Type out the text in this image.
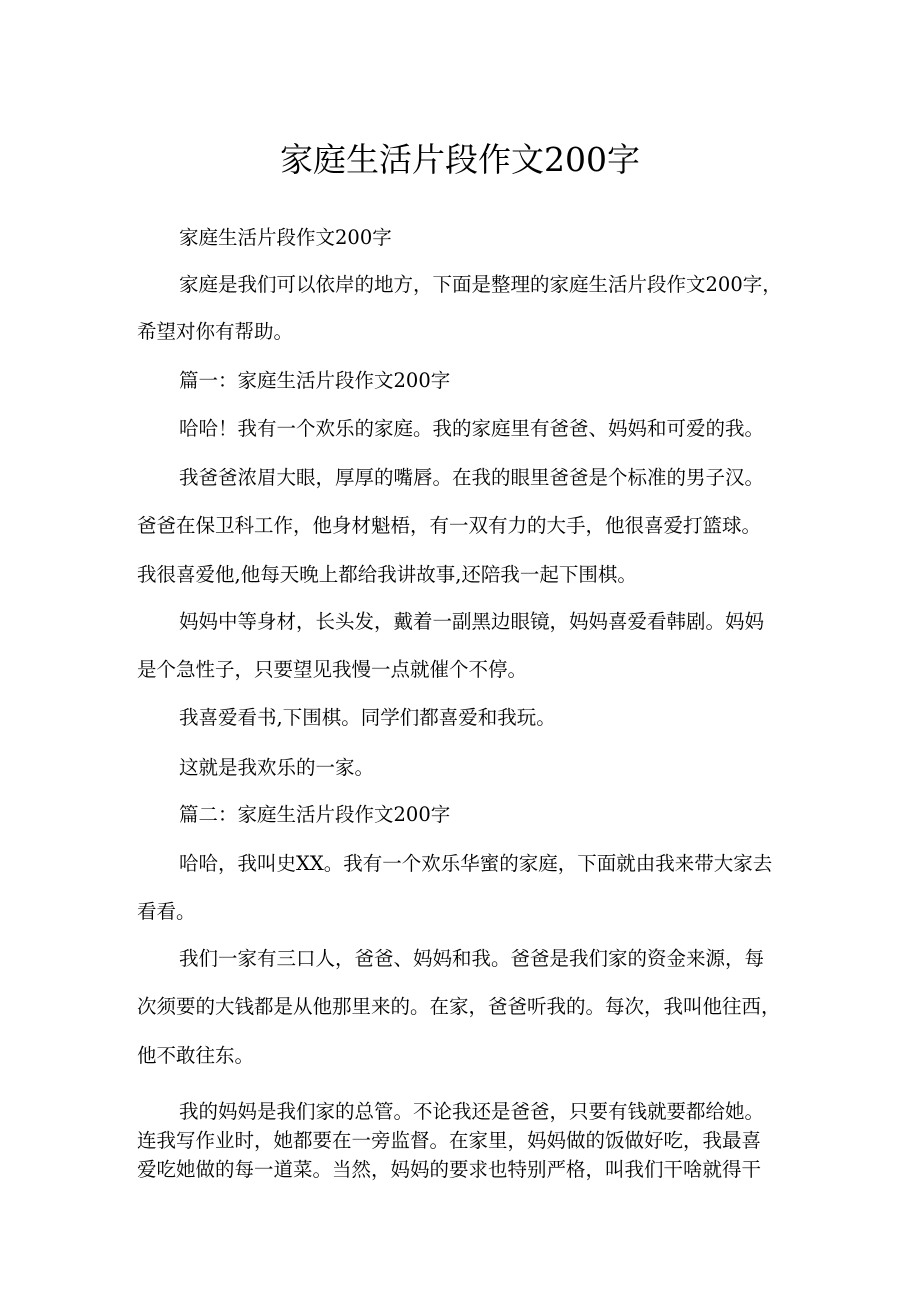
家庭生活片段作文200字
家庭生活片段作文200字
家庭是我们可以依岸的地方，下面是整理的家庭生活片段作文200字，
希望对你有帮助。
篇一：家庭生活片段作文200字
哈哈！我有一个欢乐的家庭。我的家庭里有爸爸、妈妈和可爱的我。
我爸爸浓眉大眼，厚厚的嘴唇。在我的眼里爸爸是个标准的男子汉。
爸爸在保卫科工作，他身材魁梧，有一双有力的大手，他很喜爱打篮球。
我很喜爱他,他每天晚上都给我讲故事,还陪我一起下围棋。
妈妈中等身材，长头发，戴着一副黑边眼镜，妈妈喜爱看韩剧。妈妈
是个急性子，只要望见我慢一点就催个不停。
我喜爱看书,下围棋。同学们都喜爱和我玩。
这就是我欢乐的一家。
篇二：家庭生活片段作文200字
哈哈，我叫史XX。我有一个欢乐华蜜的家庭，下面就由我来带大家去
看看。
我们一家有三口人，爸爸、妈妈和我。爸爸是我们家的资金来源，每
次须要的大钱都是从他那里来的。在家，爸爸听我的。每次，我叫他往西，
他不敢往东。

我的妈妈是我们家的总管。不论我还是爸爸，只要有钱就要都给她。

连我写作业时，她都要在一旁监督。在家里，妈妈做的饭做好吃，我最喜

爱吃她做的每一道菜。当然，妈妈的要求也特别严格，叫我们干啥就得干
